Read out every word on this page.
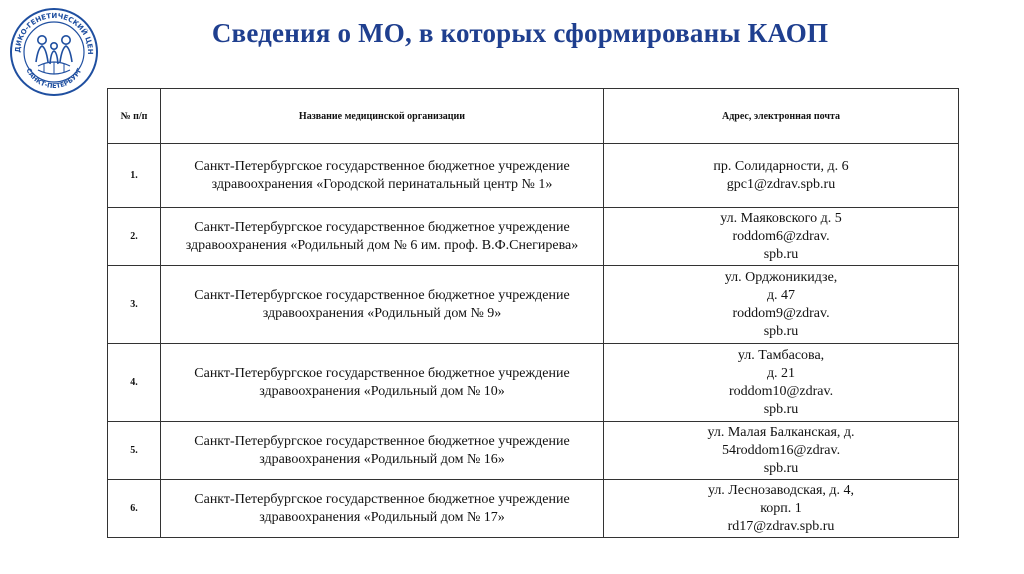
ДИКО-ГЕНЕТИЧЕСКИЙ ЦЕН
САНКТ-ПЕТЕРБУРГ
Сведения о МО, в которых сформированы КАОП
№ п/п	Название медицинской организации	Адрес, электронная почта
1.	Санкт-Петербургское государственное бюджетное учреждение здравоохранения «Городской перинатальный центр № 1»	пр. Солидарности, д. 6
gpc1@zdrav.spb.ru

2.	Санкт-Петербургское государственное бюджетное учреждение здравоохранения «Родильный дом № 6 им. проф. В.Ф.Снегирева»	ул. Маяковского д. 5
roddom6@zdrav.
spb.ru

3.	Санкт-Петербургское государственное бюджетное учреждение здравоохранения «Родильный дом № 9»	ул. Орджоникидзе,
д. 47
roddom9@zdrav.
spb.ru

4.	Санкт-Петербургское государственное бюджетное учреждение здравоохранения «Родильный дом № 10»	ул. Тамбасова,
д. 21
roddom10@zdrav.
spb.ru

5.	Санкт-Петербургское государственное бюджетное учреждение здравоохранения «Родильный дом № 16»	ул. Малая Балканская, д.
54roddom16@zdrav.
spb.ru

6.	Санкт-Петербургское государственное бюджетное учреждение здравоохранения «Родильный дом № 17»	ул. Леснозаводская, д. 4,
корп. 1
rd17@zdrav.spb.ru
